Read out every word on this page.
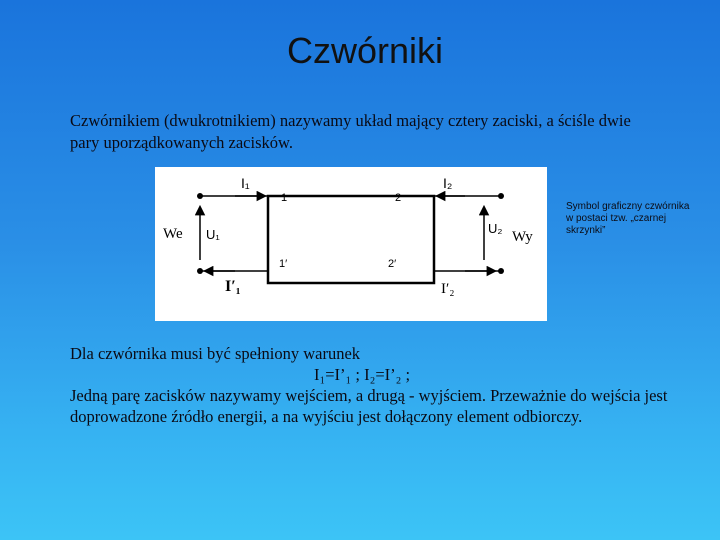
Czwórniki
Czwórnikiem (dwukrotnikiem) nazywamy układ mający cztery zaciski, a ściśle dwie pary uporządkowanych zacisków.
I₁	I₂
I′₁	I′₂
U₁	U₂
We	Wy
1	2
1′	2′
Symbol graficzny czwórnika w postaci tzw. „czarnej skrzynki”

Dla czwórnika musi być spełniony warunek

I₁=I’₁ ; I₂=I’₂ ;

Jedną parę zacisków nazywamy wejściem, a drugą - wyjściem. Przeważnie do wejścia jest doprowadzone źródło energii, a na wyjściu jest dołączony element odbiorczy.
